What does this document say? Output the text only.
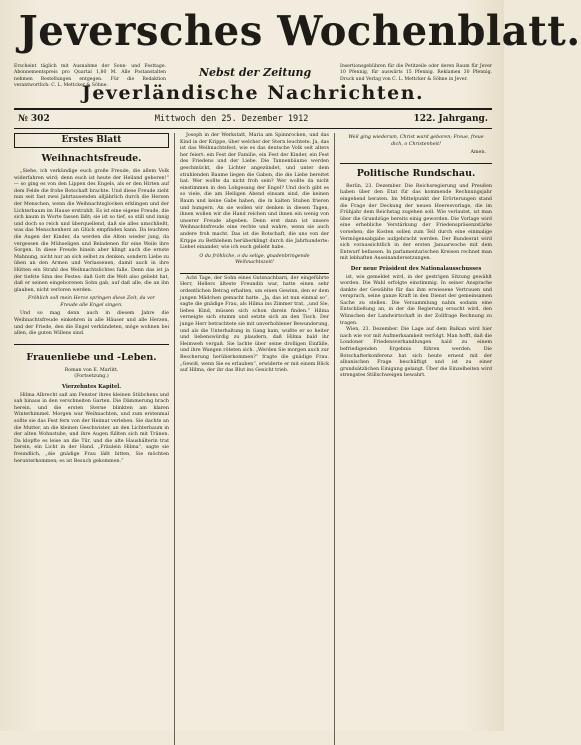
Jeversches Wochenblatt.
Erscheint täglich mit Ausnahme der Sonn- und Festtage. Abonnementspreis pro Quartal 1,80 M. Alle Postanstalten nehmen Bestellungen entgegen. Für die Redaktion verantwortlich: C. L. Mettcker & Söhne.
Nebst der Zeitung	Insertionsgebühren für die Petitzeile oder deren Raum für Jever 10 Pfennig, für auswärts 15 Pfennig. Reklamen 30 Pfennig. Druck und Verlag von C. L. Mettcker & Söhne in Jever.
Jeverländische Nachrichten.
№ 302	Mittwoch den 25. Dezember 1912	122. Jahrgang.
Erstes Blatt
Weihnachtsfreude.

„Siehe, ich verkündige euch große Freude, die allem Volk widerfahren wird; denn euch ist heute der Heiland geboren!“ — so ging es von den Lippen des Engels, als er den Hirten auf dem Felde die frohe Botschaft brachte. Und diese Freude zieht nun seit fast zwei Jahrtausenden alljährlich durch die Herzen der Menschen, wenn die Weihnachtsglocken erklingen und der Lichterbaum im Hause erstrahlt. Es ist eine eigene Freude, die sich kaum in Worte fassen läßt; sie ist so tief, so still und innig und doch so reich und überquellend, daß sie alles umschließt, was das Menschenherz an Glück empfinden kann. Da leuchten die Augen der Kinder, da werden die Alten wieder jung, da vergessen die Mühseligen und Beladenen für eine Weile ihre Sorgen. In diese Freude hinein aber klingt auch die ernste Mahnung, nicht nur an sich selbst zu denken, sondern Liebe zu üben an den Armen und Verlassenen, damit auch in ihre Hütten ein Strahl des Weihnachtslichtes falle. Denn das ist ja der tiefste Sinn des Festes: daß Gott die Welt also geliebt hat, daß er seinen eingeborenen Sohn gab, auf daß alle, die an ihn glauben, nicht verloren werden.

Fröhlich soll mein Herze springen diese Zeit, da vor Freude alle Engel singen.

Und so mag denn auch in diesem Jahre die Weihnachtsfreude einkehren in alle Häuser und alle Herzen, und der Friede, den die Engel verkündeten, möge wohnen bei allen, die guten Willens sind.

Frauenliebe und -Leben.
Roman von E. Marlitt.
(Fortsetzung.)
Vierzehntes Kapitel.

Hilma Albrecht saß am Fenster ihres kleinen Stübchens und sah hinaus in den verschneiten Garten. Die Dämmerung brach herein, und die ersten Sterne blinkten am klaren Winterhimmel. Morgen war Weihnachten, und zum erstenmal sollte sie das Fest fern von der Heimat verleben. Sie dachte an die Mutter, an die kleinen Geschwister, an den Lichterbaum in der alten Wohnstube, und ihre Augen füllten sich mit Tränen. Da klopfte es leise an die Tür, und die alte Haushälterin trat herein, ein Licht in der Hand. „Fräulein Hilma“, sagte sie freundlich, „die gnädige Frau läßt bitten, Sie möchten herunterkommen; es ist Besuch gekommen.“

Joseph in der Werkstatt, Maria am Spinnrocken, und das Kind in der Krippe, über welcher der Stern leuchtete. Ja, das ist das Weihnachtsfest, wie es das deutsche Volk seit alters her feiert: ein Fest der Familie, ein Fest der Kinder, ein Fest des Friedens und der Liebe. Die Tannenbäume werden geschmückt, die Lichter angezündet, und unter dem strahlenden Baume liegen die Gaben, die die Liebe bereitet hat. Wer wollte da nicht froh sein? Wer wollte da nicht einstimmen in den Lobgesang der Engel? Und doch gibt es so viele, die am Heiligen Abend einsam sind, die keinen Baum und keine Gabe haben, die in kalten Stuben frieren und hungern. An sie wollen wir denken in diesen Tagen, ihnen wollen wir die Hand reichen und ihnen ein wenig von unserer Freude abgeben. Denn erst dann ist unsere Weihnachtsfreude eine rechte und wahre, wenn sie auch andere froh macht. Das ist die Botschaft, die uns von der Krippe zu Bethlehem herüberklingt durch die Jahrhunderte: Liebet einander, wie ich euch geliebt habe.

O du fröhliche, o du selige, gnadenbringende Weihnachtszeit!

Acht Tage, der Sohn eines Gutsnachbarn, der eingeführte Herr, Hellers älteste Freundin war, hatte einen sehr ordentlichen Betrag erhalten, um einen Gewinn, den er dem jungen Mädchen gemacht hatte. „Ja, das ist nun einmal so“, sagte die gnädige Frau, als Hilma ins Zimmer trat, „und Sie, liebes Kind, müssen sich schon darein finden.“ Hilma verneigte sich stumm und setzte sich an den Tisch. Der junge Herr betrachtete sie mit unverhohlener Bewunderung, und als die Unterhaltung in Gang kam, wußte er so heiter und liebenswürdig zu plaudern, daß Hilma bald ihr Heimweh vergaß. Sie lachte über seine drolligen Einfälle, und ihre Wangen röteten sich. „Werden Sie morgen auch zur Bescherung herüberkommen?“ fragte die gnädige Frau. „Gewiß, wenn Sie es erlauben“, erwiderte er mit einem Blick auf Hilma, der ihr das Blut ins Gesicht trieb.

Weil ging wiederum, Christ ward geboren; Freue, freue dich, o Christenheit!
Amen.
Politische Rundschau.

Berlin, 23. Dezember. Die Reichsregierung und Preußen haben über den Etat für das kommende Rechnungsjahr eingehend beraten. Im Mittelpunkt der Erörterungen stand die Frage der Deckung der neuen Heeresvorlage, die im Frühjahr dem Reichstag zugehen soll. Wie verlautet, ist man über die Grundzüge bereits einig geworden. Die Vorlage wird eine erhebliche Verstärkung der Friedenspräsenzstärke vorsehen; die Kosten sollen zum Teil durch eine einmalige Vermögensabgabe aufgebracht werden. Der Bundesrat wird sich voraussichtlich in der ersten Januarwoche mit dem Entwurf befassen. In parlamentarischen Kreisen rechnet man mit lebhaften Auseinandersetzungen.

Der neue Präsident des Nationalausschusses

ist, wie gemeldet wird, in der gestrigen Sitzung gewählt worden. Die Wahl erfolgte einstimmig. In seiner Ansprache dankte der Gewählte für das ihm erwiesene Vertrauen und versprach, seine ganze Kraft in den Dienst der gemeinsamen Sache zu stellen. Die Versammlung nahm sodann eine Entschließung an, in der die Regierung ersucht wird, den Wünschen der Landwirtschaft in der Zollfrage Rechnung zu tragen.

Wien, 23. Dezember. Die Lage auf dem Balkan wird hier nach wie vor mit Aufmerksamkeit verfolgt. Man hofft, daß die Londoner Friedensverhandlungen bald zu einem befriedigenden Ergebnis führen werden. Die Botschafterkonferenz hat sich heute erneut mit der albanischen Frage beschäftigt und ist zu einer grundsätzlichen Einigung gelangt. Über die Einzelheiten wird strengstes Stillschweigen bewahrt.
